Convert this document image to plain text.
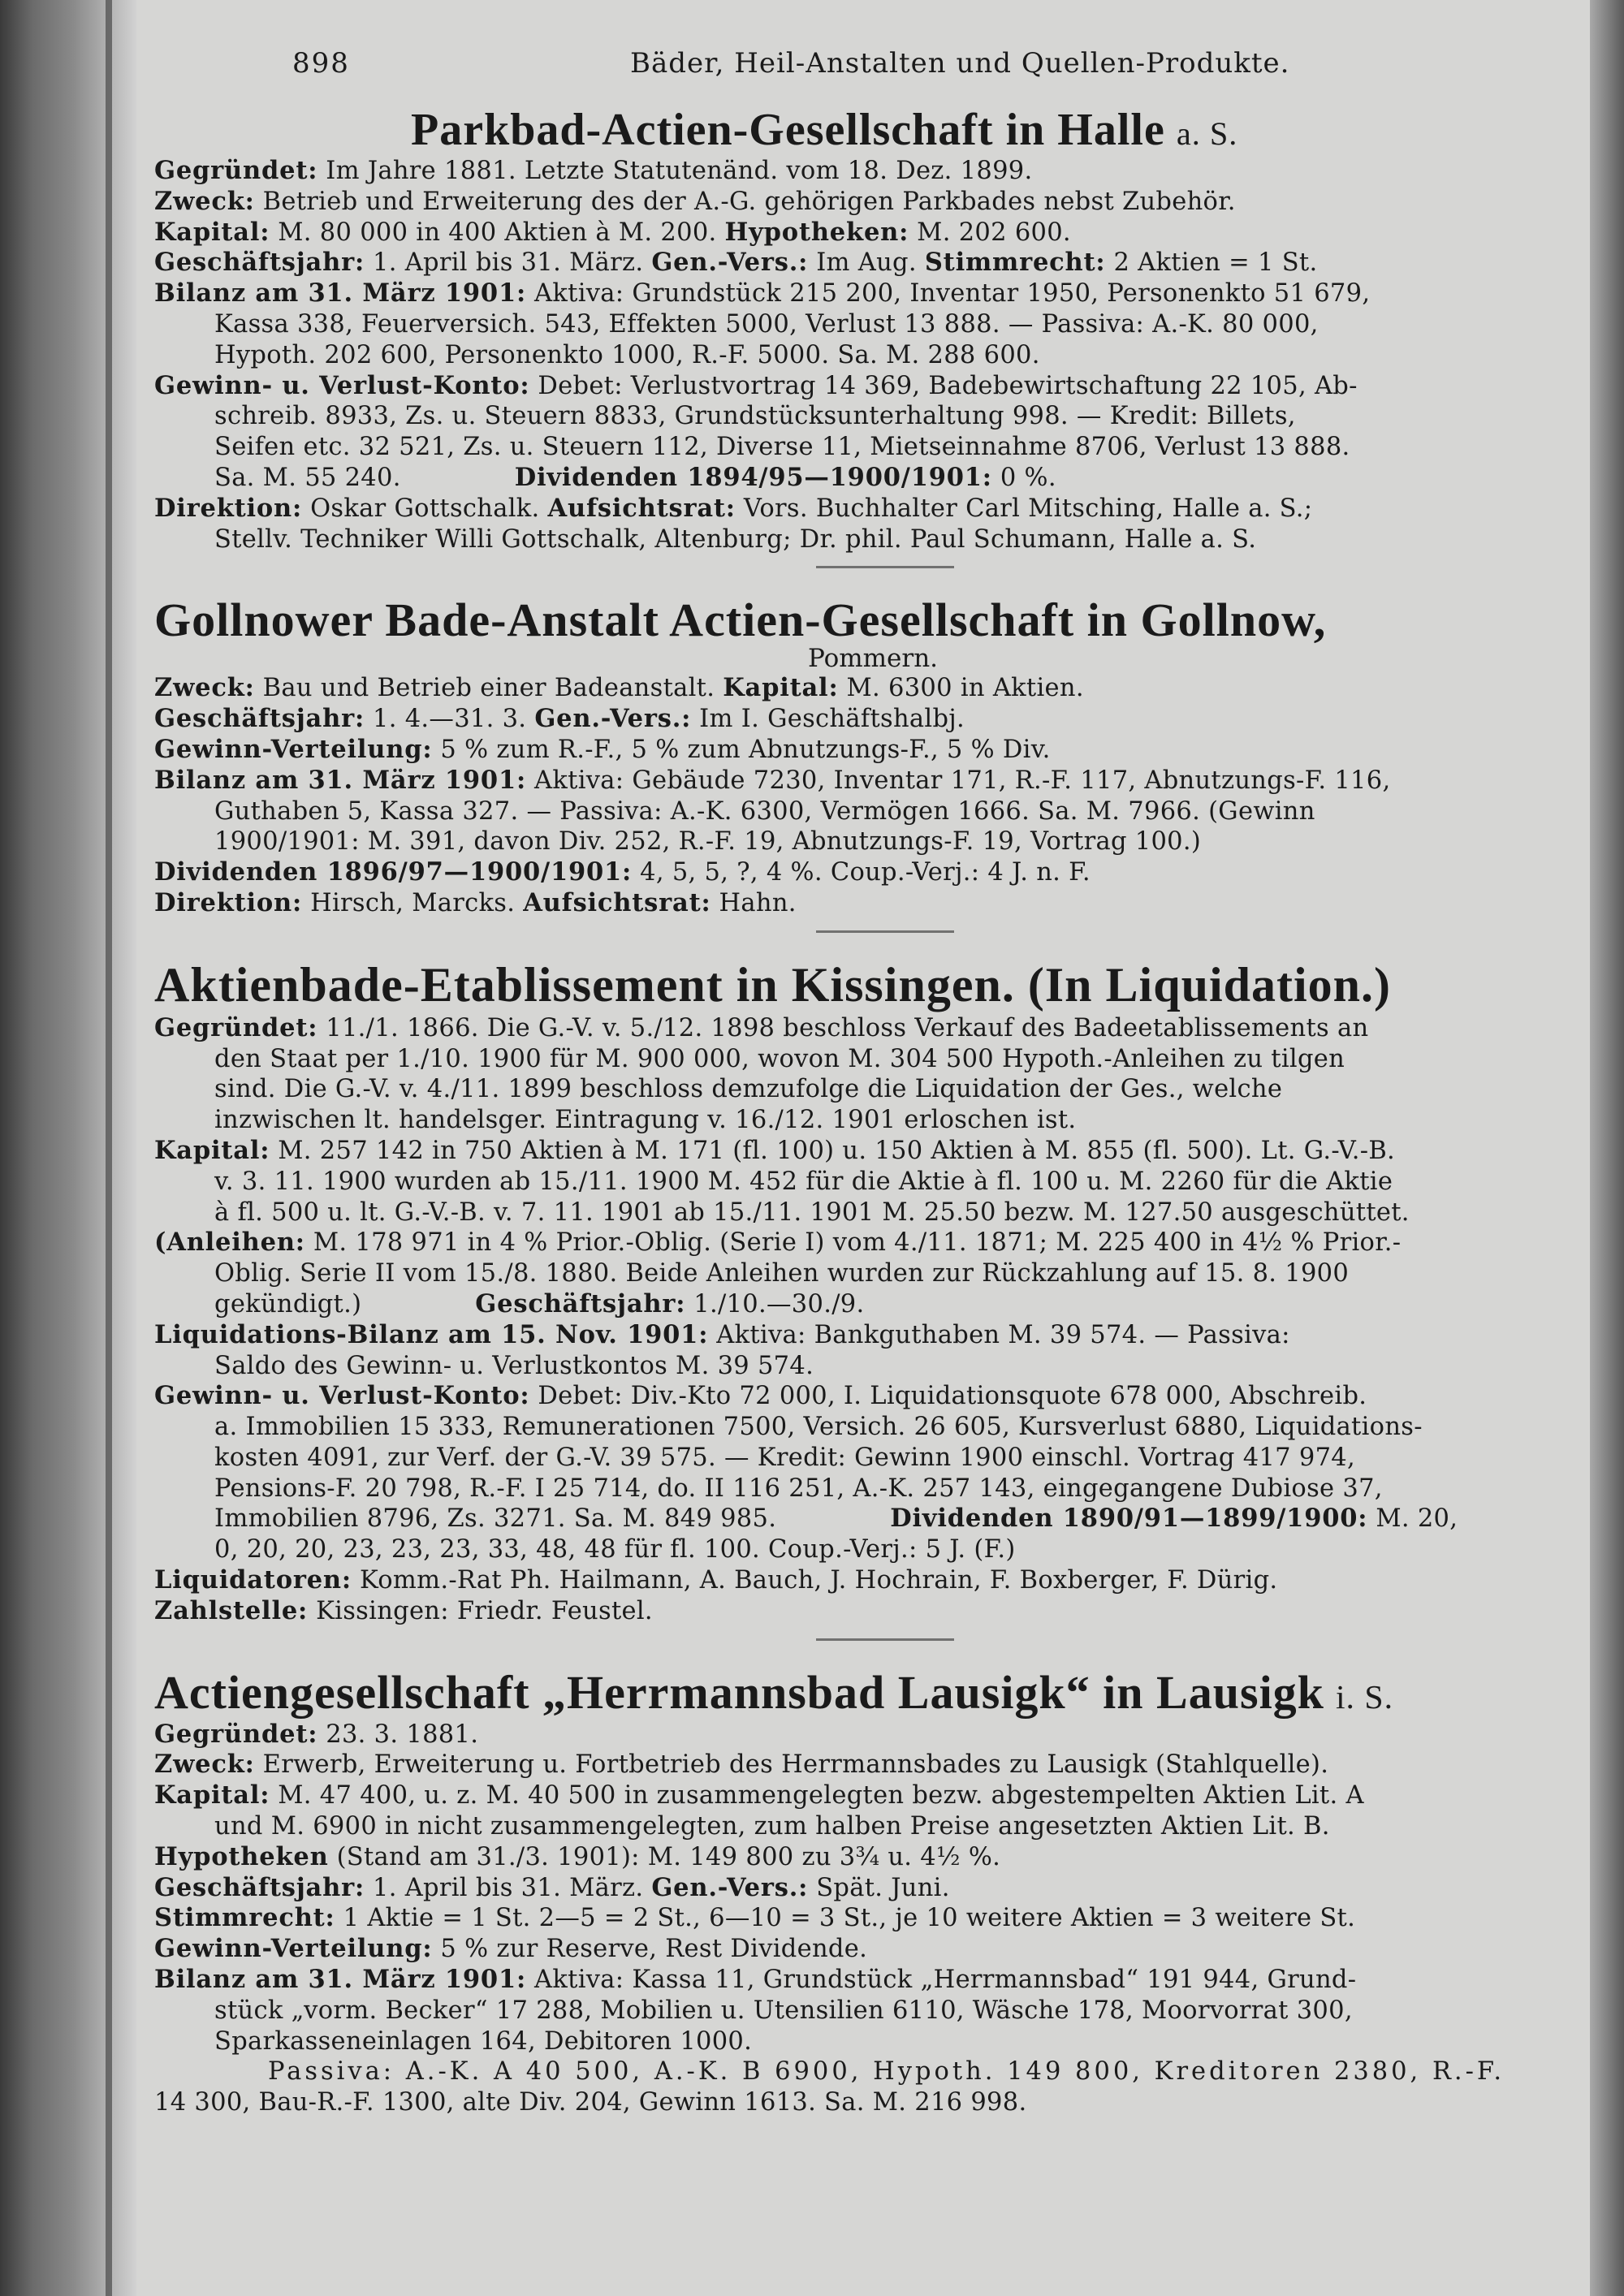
898	Bäder, Heil-Anstalten und Quellen-Produkte.
Parkbad-Actien-Gesellschaft in Halle a. S.
Gegründet: Im Jahre 1881. Letzte Statutenänd. vom 18. Dez. 1899.
Zweck: Betrieb und Erweiterung des der A.-G. gehörigen Parkbades nebst Zubehör.
Kapital: M. 80 000 in 400 Aktien à M. 200. Hypotheken: M. 202 600.
Geschäftsjahr: 1. April bis 31. März. Gen.-Vers.: Im Aug. Stimmrecht: 2 Aktien = 1 St.
Bilanz am 31. März 1901: Aktiva: Grundstück 215 200, Inventar 1950, Personenkto 51 679,
Kassa 338, Feuerversich. 543, Effekten 5000, Verlust 13 888. — Passiva: A.-K. 80 000,
Hypoth. 202 600, Personenkto 1000, R.-F. 5000. Sa. M. 288 600.
Gewinn- u. Verlust-Konto: Debet: Verlustvortrag 14 369, Badebewirtschaftung 22 105, Ab-
schreib. 8933, Zs. u. Steuern 8833, Grundstücksunterhaltung 998. — Kredit: Billets,
Seifen etc. 32 521, Zs. u. Steuern 112, Diverse 11, Mietseinnahme 8706, Verlust 13 888.
Sa. M. 55 240.	Dividenden 1894/95—1900/1901: 0 %.
Direktion: Oskar Gottschalk. Aufsichtsrat: Vors. Buchhalter Carl Mitsching, Halle a. S.;
Stellv. Techniker Willi Gottschalk, Altenburg; Dr. phil. Paul Schumann, Halle a. S.
Gollnower Bade-Anstalt Actien-Gesellschaft in Gollnow,
Pommern.
Zweck: Bau und Betrieb einer Badeanstalt. Kapital: M. 6300 in Aktien.
Geschäftsjahr: 1. 4.—31. 3. Gen.-Vers.: Im I. Geschäftshalbj.
Gewinn-Verteilung: 5 % zum R.-F., 5 % zum Abnutzungs-F., 5 % Div.
Bilanz am 31. März 1901: Aktiva: Gebäude 7230, Inventar 171, R.-F. 117, Abnutzungs-F. 116,
Guthaben 5, Kassa 327. — Passiva: A.-K. 6300, Vermögen 1666. Sa. M. 7966. (Gewinn
1900/1901: M. 391, davon Div. 252, R.-F. 19, Abnutzungs-F. 19, Vortrag 100.)
Dividenden 1896/97—1900/1901: 4, 5, 5, ?, 4 %. Coup.-Verj.: 4 J. n. F.
Direktion: Hirsch, Marcks. Aufsichtsrat: Hahn.
Aktienbade-Etablissement in Kissingen. (In Liquidation.)
Gegründet: 11./1. 1866. Die G.-V. v. 5./12. 1898 beschloss Verkauf des Badeetablissements an
den Staat per 1./10. 1900 für M. 900 000, wovon M. 304 500 Hypoth.-Anleihen zu tilgen
sind. Die G.-V. v. 4./11. 1899 beschloss demzufolge die Liquidation der Ges., welche
inzwischen lt. handelsger. Eintragung v. 16./12. 1901 erloschen ist.
Kapital: M. 257 142 in 750 Aktien à M. 171 (fl. 100) u. 150 Aktien à M. 855 (fl. 500). Lt. G.-V.-B.
v. 3. 11. 1900 wurden ab 15./11. 1900 M. 452 für die Aktie à fl. 100 u. M. 2260 für die Aktie
à fl. 500 u. lt. G.-V.-B. v. 7. 11. 1901 ab 15./11. 1901 M. 25.50 bezw. M. 127.50 ausgeschüttet.
(Anleihen: M. 178 971 in 4 % Prior.-Oblig. (Serie I) vom 4./11. 1871; M. 225 400 in 4½ % Prior.-
Oblig. Serie II vom 15./8. 1880. Beide Anleihen wurden zur Rückzahlung auf 15. 8. 1900
gekündigt.)	Geschäftsjahr: 1./10.—30./9.
Liquidations-Bilanz am 15. Nov. 1901: Aktiva: Bankguthaben M. 39 574. — Passiva:
Saldo des Gewinn- u. Verlustkontos M. 39 574.
Gewinn- u. Verlust-Konto: Debet: Div.-Kto 72 000, I. Liquidationsquote 678 000, Abschreib.
a. Immobilien 15 333, Remunerationen 7500, Versich. 26 605, Kursverlust 6880, Liquidations-
kosten 4091, zur Verf. der G.-V. 39 575. — Kredit: Gewinn 1900 einschl. Vortrag 417 974,
Pensions-F. 20 798, R.-F. I 25 714, do. II 116 251, A.-K. 257 143, eingegangene Dubiose 37,
Immobilien 8796, Zs. 3271. Sa. M. 849 985.	Dividenden 1890/91—1899/1900: M. 20,
0, 20, 20, 23, 23, 23, 33, 48, 48 für fl. 100. Coup.-Verj.: 5 J. (F.)
Liquidatoren: Komm.-Rat Ph. Hailmann, A. Bauch, J. Hochrain, F. Boxberger, F. Dürig.
Zahlstelle: Kissingen: Friedr. Feustel.
Actiengesellschaft „Herrmannsbad Lausigk“ in Lausigk i. S.
Gegründet: 23. 3. 1881.
Zweck: Erwerb, Erweiterung u. Fortbetrieb des Herrmannsbades zu Lausigk (Stahlquelle).
Kapital: M. 47 400, u. z. M. 40 500 in zusammengelegten bezw. abgestempelten Aktien Lit. A
und M. 6900 in nicht zusammengelegten, zum halben Preise angesetzten Aktien Lit. B.
Hypotheken (Stand am 31./3. 1901): M. 149 800 zu 3¾ u. 4½ %.
Geschäftsjahr: 1. April bis 31. März. Gen.-Vers.: Spät. Juni.
Stimmrecht: 1 Aktie = 1 St. 2—5 = 2 St., 6—10 = 3 St., je 10 weitere Aktien = 3 weitere St.
Gewinn-Verteilung: 5 % zur Reserve, Rest Dividende.
Bilanz am 31. März 1901: Aktiva: Kassa 11, Grundstück „Herrmannsbad“ 191 944, Grund-
stück „vorm. Becker“ 17 288, Mobilien u. Utensilien 6110, Wäsche 178, Moorvorrat 300,
Sparkasseneinlagen 164, Debitoren 1000.
Passiva: A.-K. A 40 500, A.-K. B 6900, Hypoth. 149 800, Kreditoren 2380, R.-F.
14 300, Bau-R.-F. 1300, alte Div. 204, Gewinn 1613. Sa. M. 216 998.
